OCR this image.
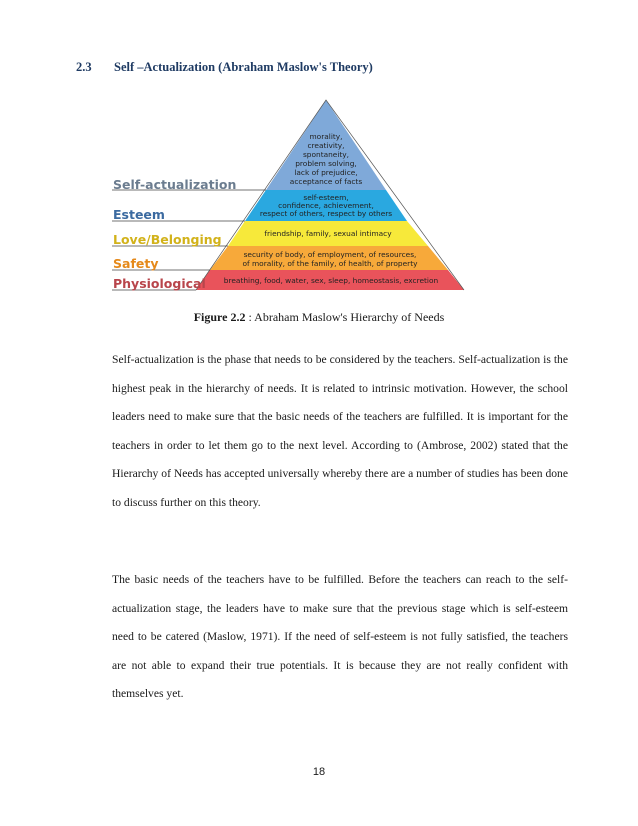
2.3 Self –Actualization (Abraham Maslow's Theory)
Self-actualization
Esteem
Love/Belonging
Safety
Physiological
morality,
creativity,
spontaneity,
problem solving,
lack of prejudice,
acceptance of facts
self-esteem,
confidence, achievement,
respect of others, respect by others
friendship, family, sexual intimacy
security of body, of employment, of resources,
of morality, of the family, of health, of property
breathing, food, water, sex, sleep, homeostasis, excretion
Figure 2.2 : Abraham Maslow's Hierarchy of Needs

Self-actualization is the phase that needs to be considered by the teachers. Self-actualization is the highest peak in the hierarchy of needs. It is related to intrinsic motivation. However, the school leaders need to make sure that the basic needs of the teachers are fulfilled. It is important for the teachers in order to let them go to the next level. According to (Ambrose, 2002) stated that the Hierarchy of Needs has accepted universally whereby there are a number of studies has been done to discuss further on this theory.

The basic needs of the teachers have to be fulfilled. Before the teachers can reach to the self-actualization stage, the leaders have to make sure that the previous stage which is self-esteem need to be catered (Maslow, 1971). If the need of self-esteem is not fully satisfied, the teachers are not able to expand their true potentials. It is because they are not really confident with themselves yet.

18
